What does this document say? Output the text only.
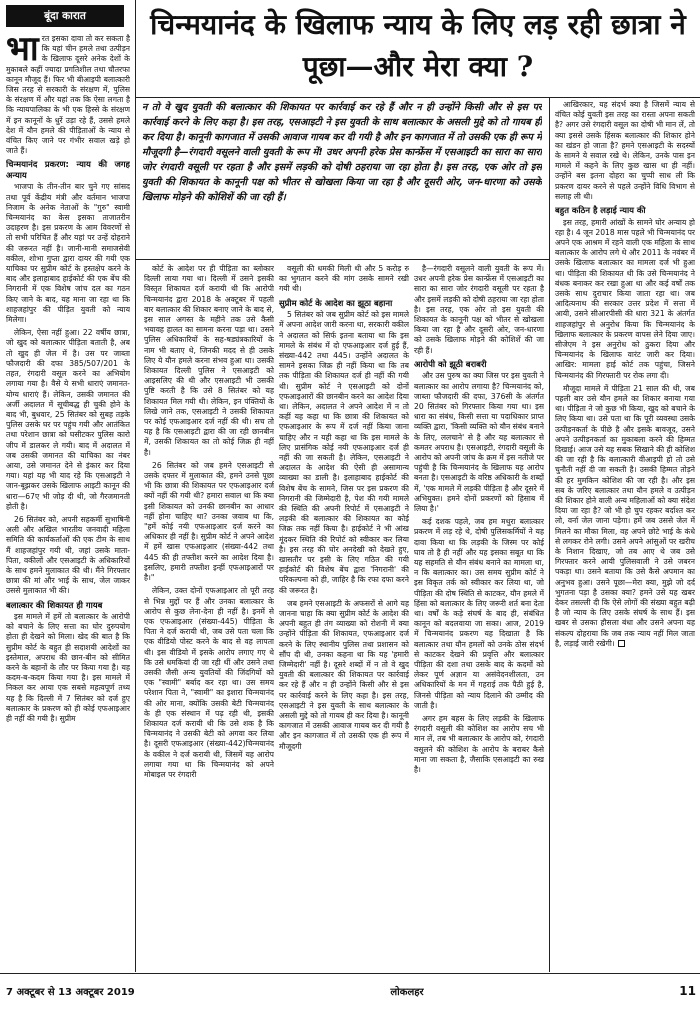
बूंदा कारात

भारत इसका दावा तो कर सकता है कि यहां चीन हमले तथा उत्पीड़न के खिलाफ दूसरे अनेक देशों के मुकाबले कहीं ज्यादा प्रगतिशील तथा चौतरफा कानून मौजूद हैं। फिर भी बीआइपी बलात्कारी जिस तरह से सरकारी के संरक्षण में, पुलिस के संरक्षण में और यहां तक कि ऐसा लगता है कि न्यायपालिका के भी एक हिस्से के संरक्षण में इन कानूनों के धुर्रे उड़ा रहे हैं, उससे हमले देश में यौन हमले की पीड़िताओं के न्याय से वंचित किए जाने पर गंभीर सवाल खड़े हो जाते हैं।

चिन्मयानंद प्रकरण: न्याय की जगह अन्याय

भाजपा के तीन-तीन बार चुने गए सांसद तथा पूर्व केंद्रीय मंत्री और वर्तमान भाजपा निजाम के अनेक नेताओं के "गुरु" स्वामी चिन्मयानंद का केस इसका ताजातरीन उदाहरण है। इस प्रकरण के आम विवरणों से तो सभी परिचित हैं और यहां पर उन्हें दोहराने की जरूरत नहीं है। जानी-मानी समाजसेवी वकील, शोभा गुप्ता द्वारा दायर की गयी एक याचिका पर सुप्रीम कोर्ट के हस्तक्षेप करने के बाद और इलाहाबाद हाईकोर्ट की एक बेंच की निगरानी में एक विशेष जांच दल का गठन किए जाने के बाद, यह माना जा रहा था कि शाहजहांपुर की पीड़ित युवती को न्याय मिलेगा।

लेकिन, ऐसा नहीं हुआ। 22 वर्षीय छात्रा, जो खुद को बलात्कार पीड़िता बताती है, अब तो खुद ही जेल में है। उस पर जाब्ता फौजदारी की दफा 385/507/201 के तहत, रंगदारी वसूल करने का अभियोग लगाया गया है। वैसे ये सभी धाराएं जमानत-योग्य धाराएं हैं। लेकिन, उसकी जमानत की अर्जी अदालत में सूचीबद्ध ही चुकी होने के बाद भी, बुधवार, 25 सितंबर को सुबह तड़के पुलिस उसके घर पर पहुंच गयी और आतंकित तथा परेशान छात्रा को घसीटकर पुलिस कारो जीप में डालकर ले गयी। बाद में अदालत में जब उसकी जमानत की याचिका का नंबर आया, उसे जमानत देने से इंकार कर दिया गया। यहां यह भी याद रहे कि एसआइटी ने जान-बूझकर उसके खिलाफ आइटी कानून की धारा—67ए भी जोड़ दी थी, जो गैरजमानती होती है।

26 सितंबर को, अपनी सहकर्मी सुभाषिनी अली और अखिल भारतीय जनवादी महिला समिति की कार्यकर्ताओं की एक टीम के साथ मैं शाहजहांपुर गयी थी, जहां उसके माता-पिता, वकीलों और एसआइटी के अधिकारियों के साथ हमने मुलाकात की थी। मैंने गिरफ्तार छात्रा की मां और भाई के साथ, जेल जाकर उससे मुलाकात भी की।

बलात्कार की शिकायत ही गायब

इस मामले में हमें तो बलात्कार के आरोपी को बचाने के लिए सत्ता का घोर दुरुपयोग होता ही देखने को मिला। खेद की बात है कि सुप्रीम कोर्ट के बहुत ही सदाशयी आदेशों का इस्तेमाल, अपराध की छान-बीन को सीमित करने के बहानों के तौर पर किया गया है। यह कदम-ब-कदम किया गया है। इस मामले में निकल कर आया एक सबसे महत्वपूर्ण तथ्य यह है कि दिल्ली में 7 सितंबर को दर्ज हुए बलात्कार के प्रकरण को ही कोई एफआइआर ही नहीं की गयी है। सुप्रीम

चिन्मयानंद के खिलाफ न्याय के लिए लड़ रही छात्रा ने पूछा—और मेरा क्या ?
न तो वे खुद युवती की बलात्कार की शिकायत पर कार्रवाई कर रहे हैं और न ही उन्होंने किसी और से इस पर कार्रवाई करने के लिए कहा है। इस तरह, एसआइटी ने इस युवती के साथ बलात्कार के असली मुद्दे को तो गायब ही कर दिया है। कानूनी कागजात में उसकी आवाज गायब कर दी गयी है और इन कागजात में तो उसकी एक ही रूप में मौजूदगी है—रंगदारी वसूलने वाली युवती के रूप में! उधर अपनी हरेक प्रेस कान्फ्रेंस में एसआइटी का सारा का सारा जोर रंगदारी वसूली पर रहता है और इसमें लड़की को दोषी ठहराया जा रहा होता है। इस तरह, एक ओर तो इस युवती की शिकायत के कानूनी पक्ष को भीतर से खोखला किया जा रहा है और दूसरी ओर, जन-धारणा को उसके खिलाफ मोड़ने की कोशिशें की जा रही हैं।

कोर्ट के आदेश पर ही पीड़िता का ब्लोकार दिल्ली लाया गया था। दिल्ली में उसने इसकी विस्तृत शिकायत दर्ज करायी थी कि आरोपी चिन्मयानंद द्वारा 2018 के अक्टूबर में पहली बार बलात्कार की शिकार बनाए जाने के बाद से, इस साल अगस्त के महीने तक उसे कैसी भयावह हालत का सामना करना पड़ा था। उसने पुलिस अधिकारियों के सह-षड्यंत्रकारियों के नाम भी बताए थे, जिनकी मदद से ही उसके लिए ये यौन हमले करना संभव हुआ था। उसकी शिकायत दिल्ली पुलिस ने एसआइटी को आइसलिए की थी और एसआइटी भी उसकी पुष्टि करती है कि उसे 8 सितंबर को यह शिकायत मिल गयी थी। लेकिन, इन पंक्तियों के लिखे जाने तक, एसआइटी ने उसकी शिकायत पर कोई एफआइआर दर्ज नहीं की थी। सच तो यह है कि एसआइटी द्वारा की जा रही छानबीन में, उसकी शिकायत का तो कोई जिक्र ही नहीं है।

26 सितंबर को जब हमने एसआइटी से उसके दफ्तर में मुलाकात की, हमने उनसे पूछा भी कि छात्रा की शिकायत पर एफआइआर दर्ज क्यों नहीं की गयी थी? हमारा सवाल था कि क्या इसी शिकायत को उनकी छानबीन का आधार नहीं होना चाहिए था? उनका जवाब था कि, "हमें कोई नयी एफआइआर दर्ज करने का अधिकार ही नहीं है। सुप्रीम कोर्ट ने अपने आदेश में हमें खास एफआइआर (संख्या-442 तथा 445 की ही तफ्तीश करने का आदेश दिया है। इसलिए, हमारी तफ्तीश इन्हीं एफआइआरों पर है।"

लेकिन, उक्त दोनों एफआइआर तो पूरी तरह से भिन्न मुद्दों पर हैं और उनका बलात्कार के आरोप से कुछ लेना-देना ही नहीं है। इनमें से एक एफआइआर (संख्या-445) पीड़िता के पिता ने दर्ज करायी थी, जब उसे पता चला कि एक वीडियो पोस्ट करने के बाद से वह लापता थी। इस वीडियो में इसके आरोप लगाए गए थे कि उसे धमकियां दी जा रही थीं और उसने तथा उसकी जैसी अन्य युवतियों की जिंदगियों को एक "स्वामी" बर्बाद कर रहा था। उस समय परेशान पिता ने, "स्वामी" का इशारा चिन्मयानंद की ओर माना, क्योंकि उसकी बेटी चिन्मयानंद के ही एक संस्थान में पढ़ रही थी, इसकी शिकायत दर्ज करायी थी कि उसे शक है कि चिन्मयानंद ने उसकी बेटी को अगवा कर लिया है। दूसरी एफआइआर (संख्या-442)चिन्मयानंद के वकील ने दर्ज करायी थी, जिसमें यह आरोप लगाया गया था कि चिन्मयानंद को अपने मोबाइल पर रंगदारी

वसूली की धमकी मिली थी और 5 करोड़ रु का भुगतान करने की मांग उसके सामने रखी गयी थी।

सुप्रीम कोर्ट के आदेश का झूठा बहाना

5 सितंबर को जब सुप्रीम कोर्ट को इस मामले में अपना आदेश जारी करना था, सरकारी वकील ने अदालत को सिर्फ इतना बताया था कि इस मामले के संबंध में दो एफआइआर दर्ज हुई हैं, संख्या-442 तथा 445। उन्होंने अदालत के सामने इसका जिक्र ही नहीं किया था कि तब तक पीड़िता की शिकायत दर्ज ही नहीं की गयी थी। सुप्रीम कोर्ट ने एसआइटी को दोनों एफआइआरों की छानबीन करने का आदेश दिया था। लेकिन, अदालत ने अपने आदेश में न तो कहीं यह कहा था कि छात्रा की शिकायत को एफआइआर के रूप में दर्ज नहीं किया जाना चाहिए और न यही कहा था कि इस मामले के लिए प्रासंगिक कोई नयी एफआइआर दर्ज ही नहीं की जा सकती है। लेकिन, एसआइटी ने अदालत के आदेश की ऐसी ही असामान्य व्याख्या का डाली है। इलाहाबाद हाईकोर्ट की विशेष बेंच के सामने, जिस पर इस प्रकरण की निगरानी की जिम्मेदारी है, पेश की गयी मामले की स्थिति की अपनी रिपोर्ट में एसआइटी ने लड़की की बलात्कार की शिकायत का कोई जिक्र तक नहीं किया है। हाईकोर्ट ने भी आंख मूंदकर स्थिति की रिपोर्ट को स्वीकार कर लिया है। इस तरह की घोर अनदेखी को देखते हुए, खासतौर पर इसी के लिए गठित की गयी हाईकोर्ट की विशेष बेंच द्वारा 'निगरानी' की परिकल्पना को ही, जाहिर है कि रफा दफा करने की जरूरत है।

जब हमने एसआइटी के अफसरों से आगे यह जानना चाहा कि क्या सुप्रीम कोर्ट के आदेश की अपनी बहुत ही तंग व्याख्या को रोशनी में क्या उन्होंने पीड़िता की शिकायत, एफआइआर दर्ज करने के लिए स्थानीय पुलिस तथा प्रशासन को सौंप दी थी, उनका कहना था कि यह 'हमारी जिम्मेदारी' नहीं है। दूसरे शब्दों में न तो वे खुद युवती की बलात्कार की शिकायत पर कार्रवाई कर रहे हैं और न ही उन्होंने किसी और से इस पर कार्रवाई करने के लिए कहा है। इस तरह, एसआइटी ने इस युवती के साथ बलात्कार के असली मुद्दे को तो गायब ही कर दिया है। कानूनी कागजात में उसकी आवाज गायब कर दी गयी है और इन कागजात में तो उसकी एक ही रूप में मौजूदगी

है—रंगदारी वसूलने वाली युवती के रूप में। उधर अपनी हरेक प्रेस कान्फ्रेंस में एसआइटी का सारा का सारा जोर रंगदारी वसूली पर रहता है और इसमें लड़की को दोषी ठहराया जा रहा होता है। इस तरह, एक ओर तो इस युवती की शिकायत के कानूनी पक्ष को भीतर से खोखला किया जा रहा है और दूसरी ओर, जन-धारणा को उसके खिलाफ मोड़ने की कोशिशें की जा रही हैं।

आरोपी को झूठी बराबरी

और उस पुरुष का क्या जिस पर इस युवती ने बलात्कार का आरोप लगाया है? चिन्मयानंद को, जाब्ता फौजदारी की दफा, 376सी के अंतर्गत 20 सितंबर को गिरफ्तार किया गया था। इस धारा का संबंध, किसी सत्ता या पदाधिकार प्राप्त व्यक्ति द्वारा, 'किसी व्यक्ति को यौन संबंध बनाने के लिए, ललचाने' से है और यह बलात्कार से कमतर अपराध है। एसआइटी, रंगदारी वसूली के आरोप को अपनी जांच के क्रम में इस नतीजे पर पहुंची है कि चिन्मयानंद के खिलाफ यह आरोप बनता है। एसआइटी के वरिष्ठ अधिकारी के शब्दों में, 'एक मामले में लड़की पीड़िता है और दूसरे में अभियुक्त। हमने दोनों प्रकरणों को हिसाब में लिया है।'

कई दशक पहले, जब हम मथुरा बलात्कार प्रकरण में लड़ रहे थे, दोषी पुलिसकर्मियों ने यह दावा किया था कि लड़की के जिस्म पर कोई घाव तो है ही नहीं और यह इसका सबूत था कि यह सहमति से यौन संबंध बनाने का मामला था, न कि बलात्कार का। उस समय सुप्रीम कोर्ट ने इस विकृत तर्क को स्वीकार कर लिया था, जो पीड़िता की दोष स्थिति से काटकर, यौन हमले में हिंसा को बलात्कार के लिए जरूरी शर्त बना देता था। वर्षों के कड़े संघर्ष के बाद ही, संबंधित कानून को बदलवाया जा सका। आज, 2019 में चिन्मयानंद प्रकरण यह दिखाता है कि बलात्कार तथा यौन हमलों को उनके ठोस संदर्भ से काटकर देखने की प्रवृत्ति और बलात्कार पीड़िता की दशा तथा उसके बाद के कदमों को लेकर पूर्ण अज्ञान या असंवेदनशीलता, उन अधिकारियों के मन में गहराई तक पैठी हुई है, जिनसे पीड़िता को न्याय दिलाने की उम्मीद की जाती है।

अगर हम बहस के लिए लड़की के खिलाफ रंगदारी वसूली की कोशिश का आरोप सच भी मान लें, तब भी बलात्कार के आरोप को, रंगदारी वसूलने की कोशिश के आरोप के बराबर कैसे माना जा सकता है, जैसाकि एसआइटी का रुख है।

आखिरकार, यह संदर्भ क्या है जिसमें न्याय से वंचित कोई युवती इस तरह का रास्ता अपना सकती है? अगर उसे रंगदारी वसूल का दोषी भी मान लें, तो क्या इससे उसके हिंसक बलात्कार की शिकार होने का खंडन हो जाता है? हमने एसआइटी के सदस्यों के सामने ये सवाल रखे थे। लेकिन, उनके पास इन मामले में कहने के लिए कुछ खास था ही नहीं। उन्होंने बस इतना दोहरा का चुप्पी साध ली कि प्रकरण दायर करने से पहले उन्होंने विधि विभाग से सलाह ली थी।

बहुत कठिन है लड़ाई न्याय की

इस तरह, हमारी आंखों के सामने घोर अन्याय हो रहा है। 4 जून 2018 मास पहले भी चिन्मयानंद पर अपने एक आश्रम में रहने वाली एक महिला के साथ बलात्कार के आरोप लगे थे और 2011 के नवंबर में उसके खिलाफ बलात्कार का मामला दर्ज भी हुआ था। पीड़िता की शिकायत थी कि उसे चिन्मयानंद ने बंधक बनाकर कर रखा हुआ था और कई वर्षों तक उसके साथ दुराचार किया जाता रहा था। जब आदित्यनाथ की सरकार उत्तर प्रदेश में सत्ता में आयी, उसने सीआरपीसी की धारा 321 के अंतर्गत शाहजहांपुर से अनुरोध किया कि चिन्मयानंद के खिलाफ बलात्कार के प्रकरण वापस लेने दिया जाए। सीजेएम ने इस अनुरोध को ठुकरा दिया और चिन्मयानंद के खिलाफ वारंट जारी कर दिया। आखिर: मामला हाई कोर्ट तक पहुंचा, जिसने चिन्मयानंद की गिरफ्तारी पर रोक लगा दी।

मौजूदा मामले में पीड़िता 21 साल की थी, जब पहली बार उसे यौन हमले का शिकार बनाया गया था। पीड़िता ने जो कुछ भी किया, खुद को बचाने के लिए किया था। उसे पता था कि पूरी व्यवस्था उसके उत्पीड़नकर्ता के पीछे है और इसके बावजूद, उसने अपने उत्पीड़नकर्ता का मुकाबला करने की हिम्मत दिखाई। आज उसे यह सबक सिखाने की ही कोशिश की जा रही है कि बलात्कारी वीआइपी हो तो उसे चुनौती नहीं दी जा सकती है। उसकी हिम्मत तोड़ने की हर मुमकिन कोशिश की जा रही है। और इस सब के जरिए बलात्कार तथा यौन हमले व उत्पीड़न की शिकार होने वाली अन्य महिलाओं को क्या संदेश दिया जा रहा है? जो भी हो चुप रहकर बर्दाश्त कर लो, वर्ना जेल जाना पड़ेगा। हमें जब उससे जेल में मिलने का मौका मिला, वह अपने छोटे भाई के कंधे से लगकर रोने लगी। उसने अपने आंसुओं पर खरीच के निशान दिखाए, जो तब आए थे जब उसे गिरफ्तार करने आयी पुलिसवाली ने उसे जबरन पकड़ा था। उसने बताया कि उसे कैसे अपमान का अनुभव हुआ। उसने पूछा—मेरा क्या, मुझे जो दर्द भुगतना पड़ा है उसका क्या? हमने उसे यह खबर देकर तसल्ली दी कि ऐसे लोगों की संख्या बहुत बढ़ी है जो न्याय के लिए उसके संघर्ष के साथ हैं। इस खबर से उसका हौसला बंधा और उसने अपना यह संकल्प दोहराया कि जब तक न्याय नहीं मिल जाता है, लड़ाई जारी रखेगी।

7 अक्टूबर से 13 अक्टूबर 2019	लोकलहर	11
